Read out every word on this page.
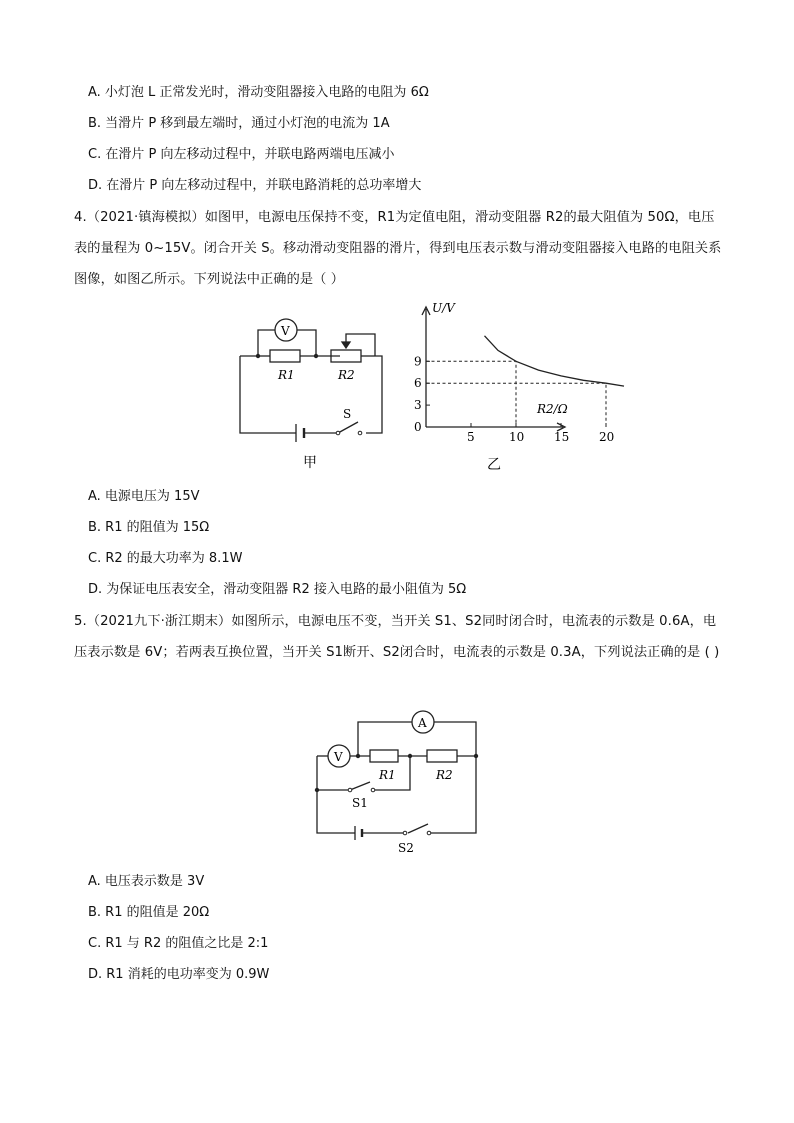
A. 小灯泡 L 正常发光时，滑动变阻器接入电路的电阻为 6Ω
B. 当滑片 P 移到最左端时，通过小灯泡的电流为 1A
C. 在滑片 P 向左移动过程中，并联电路两端电压减小
D. 在滑片 P 向左移动过程中，并联电路消耗的总功率增大
4.（2021·镇海模拟）如图甲，电源电压保持不变，R1为定值电阻，滑动变阻器 R2的最大阻值为 50Ω，电压表的量程为 0~15V。闭合开关 S。移动滑动变阻器的滑片，得到电压表示数与滑动变阻器接入电路的电阻关系图像，如图乙所示。下列说法中正确的是（ ）
V
R1	R2
S
甲
5	10 15 20
3
6
9
U/V
R2/Ω
0
乙
A. 电源电压为 15V
B. R1 的阻值为 15Ω
C. R2 的最大功率为 8.1W
D. 为保证电压表安全，滑动变阻器 R2 接入电路的最小阻值为 5Ω
5.（2021九下·浙江期末）如图所示，电源电压不变，当开关 S1、S2同时闭合时，电流表的示数是 0.6A，电压表示数是 6V；若两表互换位置，当开关 S1断开、S2闭合时，电流表的示数是 0.3A，下列说法正确的是 ( )
A
V
R1	R2
S1
S2
A. 电压表示数是 3V
B. R1 的阻值是 20Ω
C. R1 与 R2 的阻值之比是 2:1
D. R1 消耗的电功率变为 0.9W
